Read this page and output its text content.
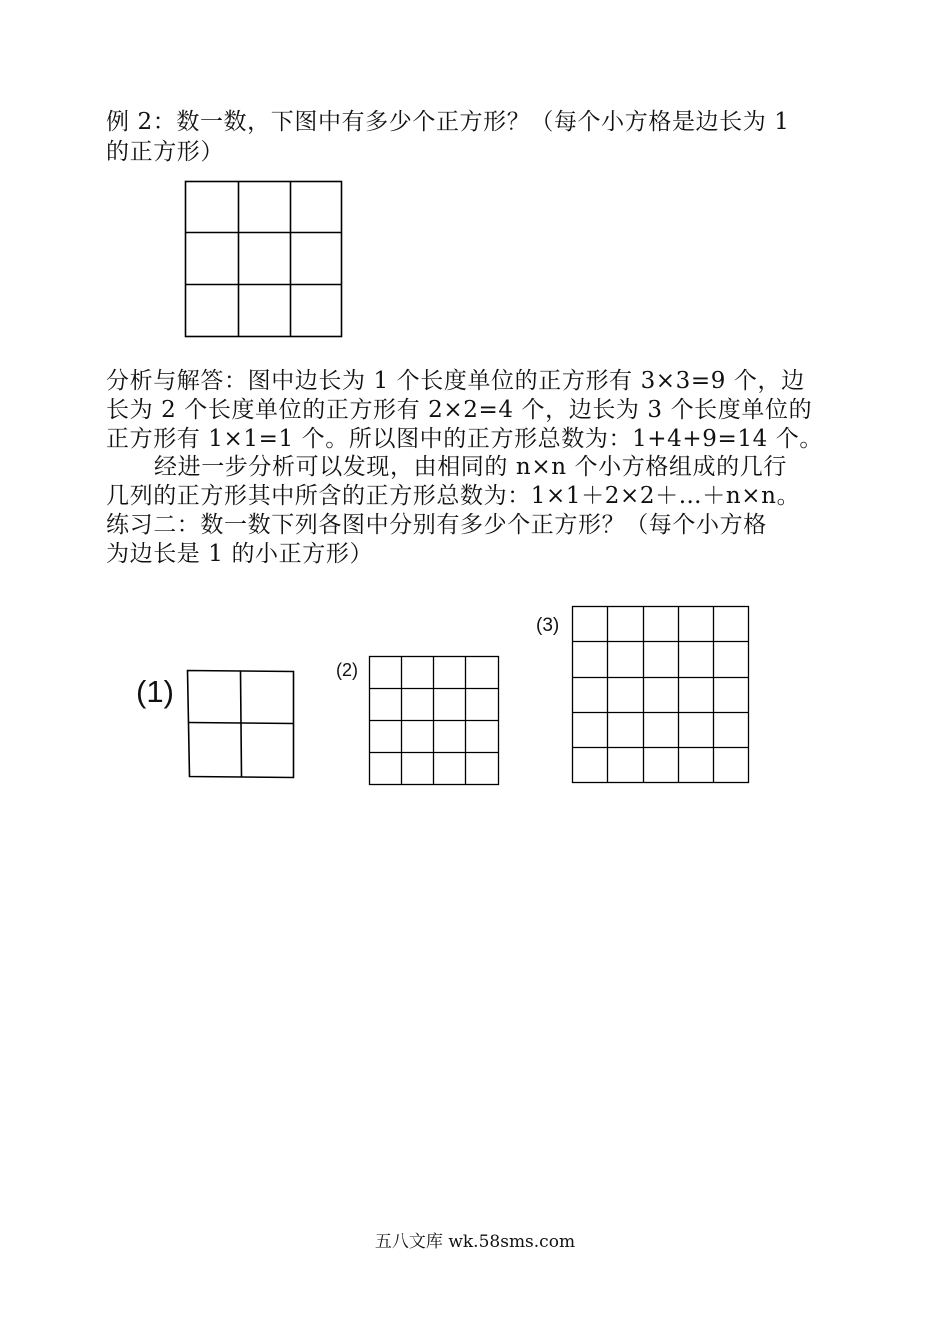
例 2：数一数，下图中有多少个正方形？（每个小方格是边长为 1
的正方形）
分析与解答：图中边长为 1 个长度单位的正方形有 3×3=9 个，边
长为 2 个长度单位的正方形有 2×2=4 个，边长为 3 个长度单位的
正方形有 1×1=1 个。所以图中的正方形总数为：1+4+9=14 个。
经进一步分析可以发现，由相同的 n×n 个小方格组成的几行
几列的正方形其中所含的正方形总数为：1×1＋2×2＋…＋n×n。
练习二：数一数下列各图中分别有多少个正方形？（每个小方格
为边长是 1 的小正方形）
(1)
(2)
(3)
五八文库 wk.58sms.com
